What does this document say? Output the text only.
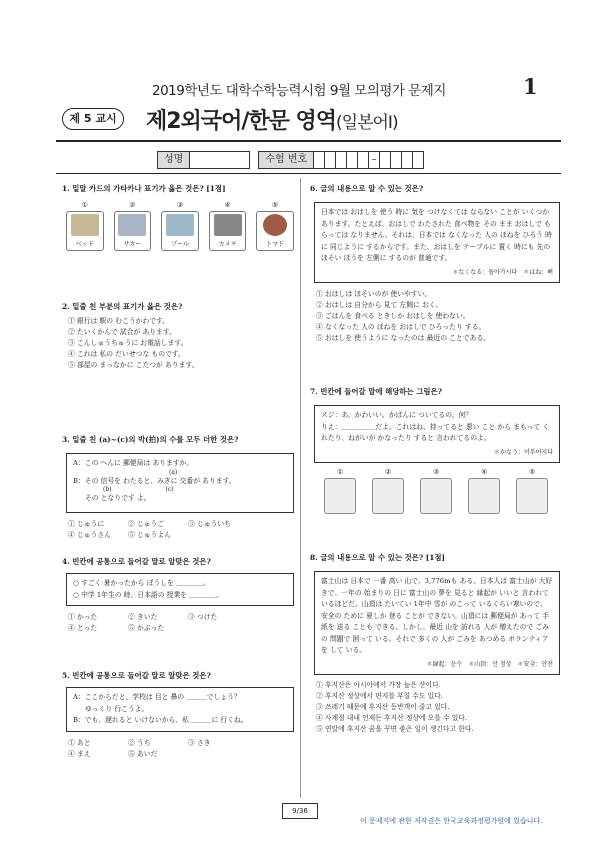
2019학년도 대학수학능력시험 9월 모의평가 문제지	1
제 5 교시	제2외국어/한문 영역(일본어Ⅰ)
성명	수험 번호	–
1. 밑말 카드의 가타카나 표기가 옳은 것은? [1점]
①	②	③	④	⑤
ベッド	サカー	プール	カメヲ	トマド
2. 밑줄 친 부분의 표기가 옳은 것은?
① 銀行は 駅の むこうかわです。
② たいくかんで 試合が あります。
③ こんしゅうちゅうに お電話します。
④ これは 私の だいせつな ものです。
⑤ 部屋の まっなかに こたつが あります。
3. 밑줄 친 (a)~(c)의 박(拍)의 수를 모두 더한 것은?
A：この へんに 郵便局は ありますか。
(a)
B：その 信号を わたると、みぎに 交番が あります。
(b)　　　　　　　　　(c)
その となりです よ。
① じゅうに	② じゅうご	③ じゅういち
④ じゅうさん	⑤ じゅうよん
4. 빈칸에 공통으로 들어갈 말로 알맞은 것은?
○ すごく 暑かったから ぼうしを ＿＿＿＿。
○ 中学 1年生の 時、日本語の 授業を ＿＿＿＿。
① かった	② きいた	③ つけた
④ とった	⑤ かぶった
5. 빈칸에 공통으로 들어갈 말로 알맞은 것은?
A：ここからだと、学校は 目と 鼻の ＿＿＿でしょう？
ゆっくり 行こうよ。
B：でも、遅れると いけないから、私 ＿＿＿に 行くね。
① あと	② うち	③ さき
④ まえ	⑤ あいだ
6. 글의 내용으로 알 수 있는 것은?
日本では おはしを 使う 時に 気を つけなくては ならない ことが いくつか あります。たとえば、おはしで わたされた 食べ物を その まま おはしで もらっては なりません。それは、日本では なくなった 人の ほねを ひろう 時に 同じように するからです。また、おはしを テーブルに 置く 時にも 先の ほそい ほうを 左側に するのが 普通です。
＊なくなる：돌아가시다　＊ほね：뼈
① おはしは ほそいのが 使いやすい。
② おはしは 自分から 見て 左側に おく。
③ ごはんを 食べる ときしか おはしを 使わない。
④ なくなった 人の ほねを おはしで ひろったり する。
⑤ おはしを 使うように なったのは 最近の ことである。
7. 빈칸에 들어갈 말에 해당하는 그림은?
スジ：あ、かわいい。かばんに ついてるの、何？
りえ：＿＿＿＿＿だよ。これはね、持ってると 悪い こと から まもって くれたり、ねがいが かなったり すると 言われてるのよ。
＊かなう：이루어지다
①	②	③	④	⑤
8. 글의 내용으로 알 수 있는 것은? [1점]
富士山は 日本で 一番 高い 山で、3,776mも ある。日本人は 富士山が 大好きで、一年の 始まりの 日に 富士山の 夢を 見ると 縁起が いいと 言われて いるほどだ。山頂は たいてい 1年中 雪が のこって いるくらい寒いので、安全の ために 夏しか 登る ことが できない。山頂には 郵便局が あって 手紙を 送る ことも できる。しかし、最近 山を 訪れる 人が 増えたので ごみの 問題で 困って いる。それで 多くの 人が ごみを あつめる ボランティアを して いる。
＊縁起：운수　＊山頂：산 정상　＊安全：안전
① 후지산은 아시아에서 가장 높은 산이다.
② 후지산 정상에서 편지를 부칠 수도 있다.
③ 쓰레기 때문에 후지산 등반객이 줄고 있다.
④ 사계절 내내 언제든 후지산 정상에 오를 수 있다.
⑤ 연말에 후지산 꿈을 꾸면 좋은 일이 생긴다고 한다.
9/36
이 문제지에 관한 저작권은 한국교육과정평가원에 있습니다.
